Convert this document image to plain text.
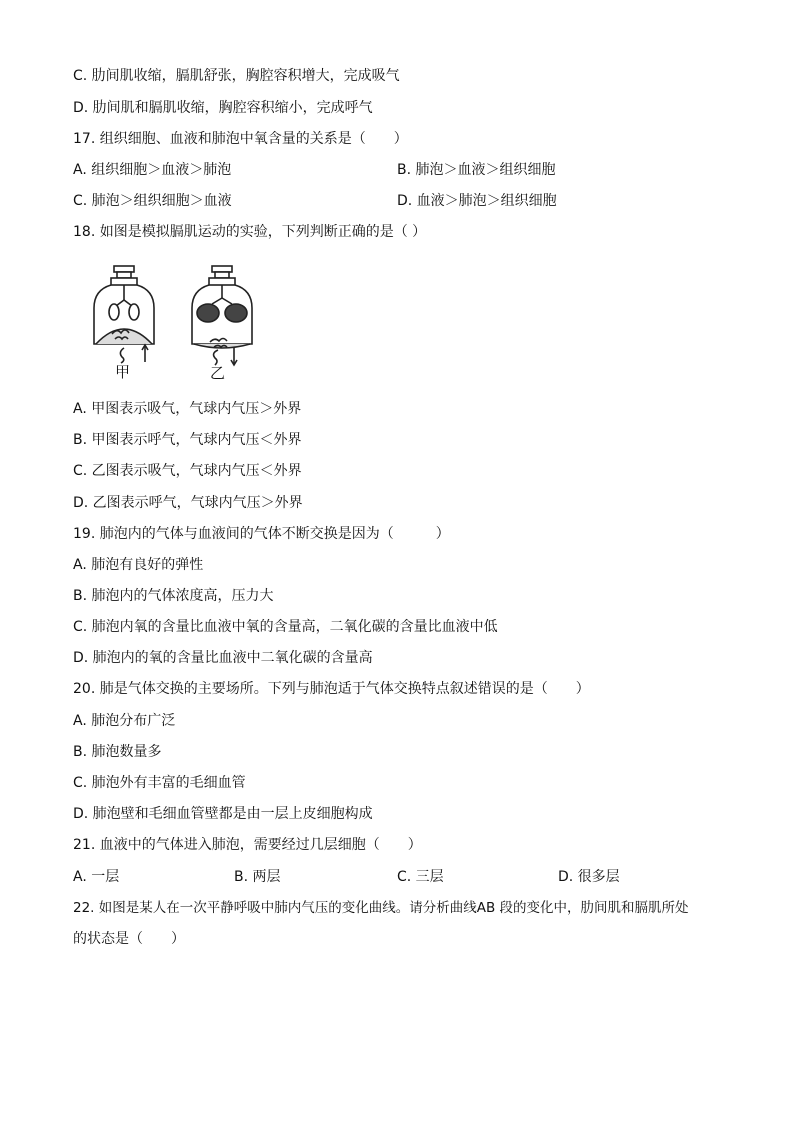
C. 肋间肌收缩，膈肌舒张，胸腔容积增大，完成吸气
D. 肋间肌和膈肌收缩，胸腔容积缩小，完成呼气
17. 组织细胞、血液和肺泡中氧含量的关系是（　　）
A. 组织细胞＞血液＞肺泡	B. 肺泡＞血液＞组织细胞
C. 肺泡＞组织细胞＞血液	D. 血液＞肺泡＞组织细胞
18. 如图是模拟膈肌运动的实验，下列判断正确的是（ ）
甲	乙
A. 甲图表示吸气，气球内气压＞外界
B. 甲图表示呼气，气球内气压＜外界
C. 乙图表示吸气，气球内气压＜外界
D. 乙图表示呼气，气球内气压＞外界
19. 肺泡内的气体与血液间的气体不断交换是因为（　　　）
A. 肺泡有良好的弹性
B. 肺泡内的气体浓度高，压力大
C. 肺泡内氧的含量比血液中氧的含量高，二氧化碳的含量比血液中低
D. 肺泡内的氧的含量比血液中二氧化碳的含量高
20. 肺是气体交换的主要场所。下列与肺泡适于气体交换特点叙述错误的是（　　）
A. 肺泡分布广泛
B. 肺泡数量多
C. 肺泡外有丰富的毛细血管
D. 肺泡壁和毛细血管壁都是由一层上皮细胞构成
21. 血液中的气体进入肺泡，需要经过几层细胞（　　）
A. 一层	B. 两层	C. 三层	D. 很多层
22. 如图是某人在一次平静呼吸中肺内气压的变化曲线。请分析曲线AB 段的变化中，肋间肌和膈肌所处
的状态是（　　）
